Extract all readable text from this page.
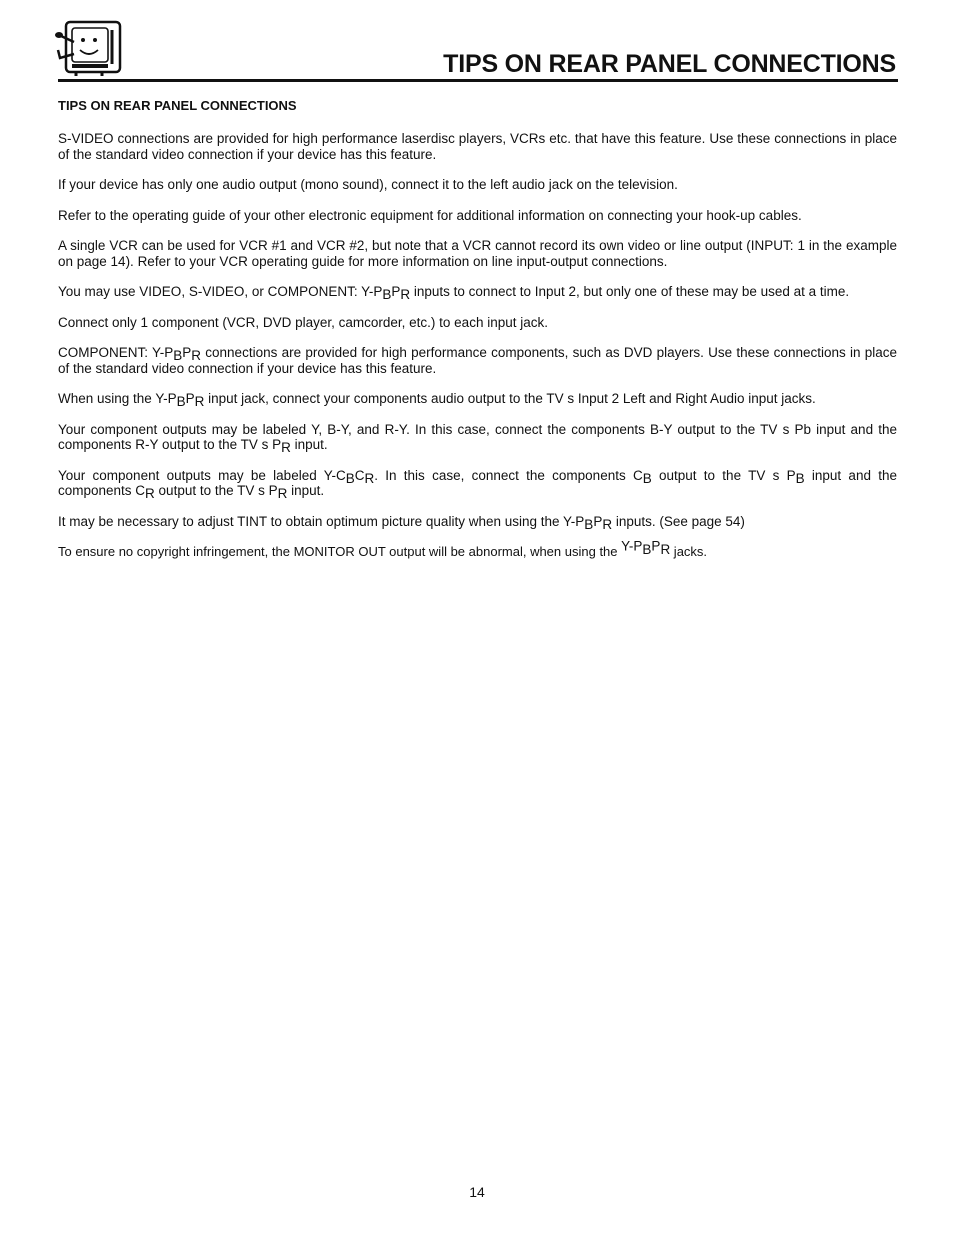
TIPS ON REAR PANEL CONNECTIONS
TIPS ON REAR PANEL CONNECTIONS

S-VIDEO connections are provided for high performance laserdisc players, VCRs etc. that have this feature. Use these connections in place of the standard video connection if your device has this feature.

If your device has only one audio output (mono sound), connect it to the left audio jack on the television.

Refer to the operating guide of your other electronic equipment for additional information on connecting your hook-up cables.

A single VCR can be used for VCR #1 and VCR #2, but note that a VCR cannot record its own video or line output (INPUT: 1 in the example on page 14). Refer to your VCR operating guide for more information on line input-output connections.

You may use VIDEO, S-VIDEO, or COMPONENT: $Y-P_BP_R$ inputs to connect to Input 2, but only one of these may be used at a time.

Connect only 1 component (VCR, DVD player, camcorder, etc.) to each input jack.

COMPONENT: $Y-P_BP_R$ connections are provided for high performance components, such as DVD players. Use these connections in place of the standard video connection if your device has this feature.

When using the $Y-P_BP_R$ input jack, connect your components audio output to the TV s Input 2 Left and Right Audio input jacks.

Your component outputs may be labeled Y, B-Y, and R-Y. In this case, connect the components B-Y output to the TV s Pb input and the components R-Y output to the TV s $P_R$ input.

Your component outputs may be labeled $Y-C_BC_R$. In this case, connect the components $C_B$ output to the TV s $P_B$ input and the components $C_R$ output to the TV s $P_R$ input.

It may be necessary to adjust TINT to obtain optimum picture quality when using the $Y-P_BP_R$ inputs. (See page 54)

To ensure no copyright infringement, the MONITOR OUT output will be abnormal, when using the $^{Y-P_BP_R}$ jacks.

14
